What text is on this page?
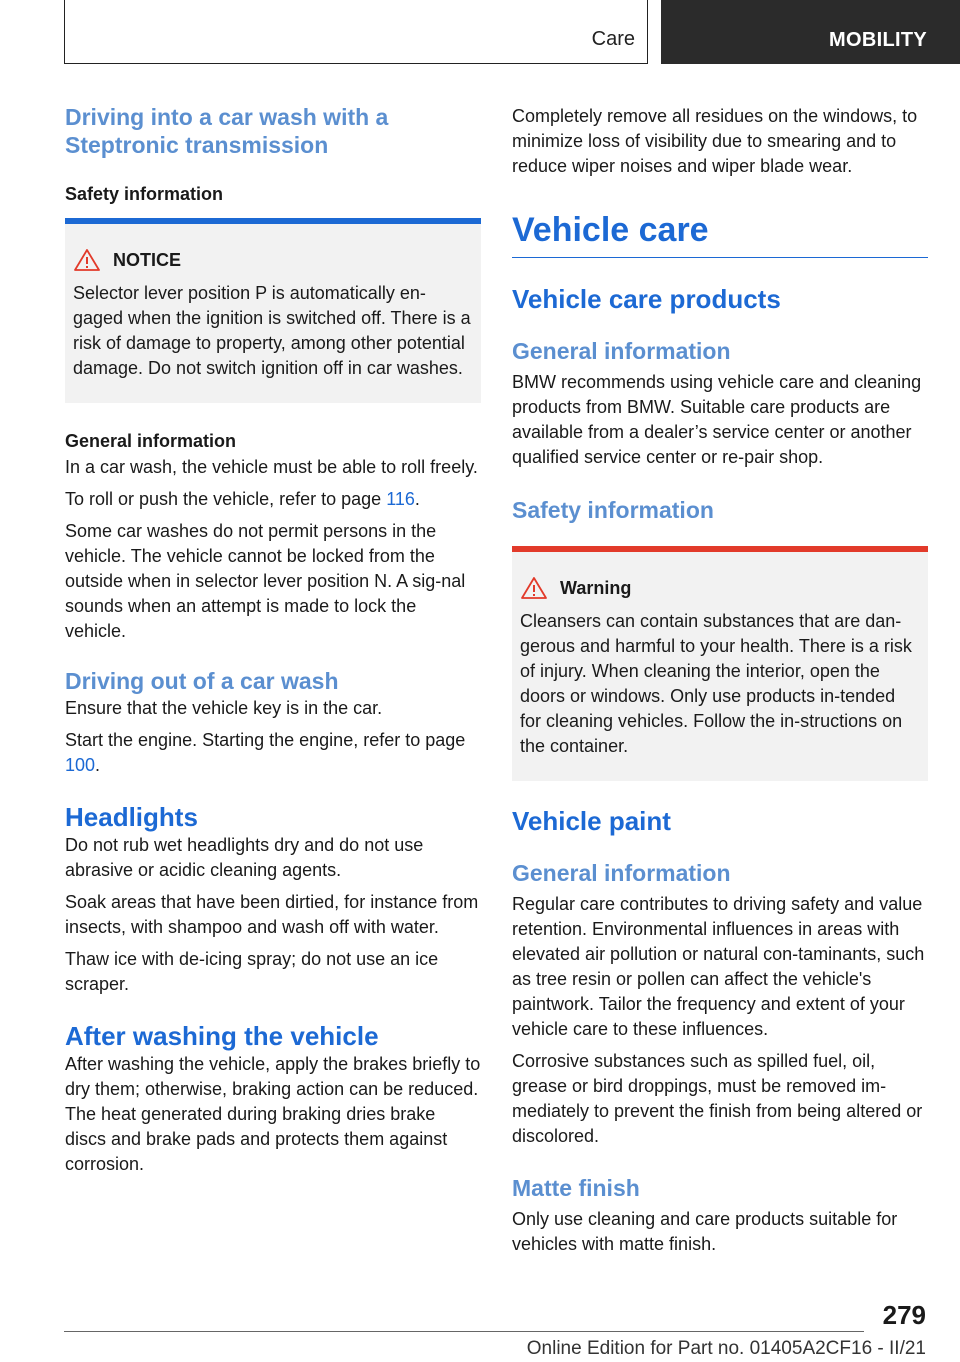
Care	MOBILITY
Driving into a car wash with a Steptronic transmission
Safety information
NOTICE

Selector lever position P is automatically en‐gaged when the ignition is switched off. There is a risk of damage to property, among other potential damage. Do not switch ignition off in car washes.

General information

In a car wash, the vehicle must be able to roll freely.

To roll or push the vehicle, refer to page 116.

Some car washes do not permit persons in the vehicle. The vehicle cannot be locked from the outside when in selector lever position N. A sig‐nal sounds when an attempt is made to lock the vehicle.

Driving out of a car wash

Ensure that the vehicle key is in the car.

Start the engine. Starting the engine, refer to page 100.

Headlights

Do not rub wet headlights dry and do not use abrasive or acidic cleaning agents.

Soak areas that have been dirtied, for instance from insects, with shampoo and wash off with water.

Thaw ice with de-icing spray; do not use an ice scraper.

After washing the vehicle

After washing the vehicle, apply the brakes briefly to dry them; otherwise, braking action can be reduced. The heat generated during braking dries brake discs and brake pads and protects them against corrosion.

Completely remove all residues on the windows, to minimize loss of visibility due to smearing and to reduce wiper noises and wiper blade wear.

Vehicle care
Vehicle care products
General information

BMW recommends using vehicle care and cleaning products from BMW. Suitable care products are available from a dealer’s service center or another qualified service center or re‐pair shop.

Safety information
Warning

Cleansers can contain substances that are dan‐gerous and harmful to your health. There is a risk of injury. When cleaning the interior, open the doors or windows. Only use products in‐tended for cleaning vehicles. Follow the in‐structions on the container.

Vehicle paint
General information

Regular care contributes to driving safety and value retention. Environmental influences in areas with elevated air pollution or natural con‐taminants, such as tree resin or pollen can affect the vehicle's paintwork. Tailor the frequency and extent of your vehicle care to these influences.

Corrosive substances such as spilled fuel, oil, grease or bird droppings, must be removed im‐mediately to prevent the finish from being altered or discolored.

Matte finish

Only use cleaning and care products suitable for vehicles with matte finish.

279
Online Edition for Part no. 01405A2CF16 - II/21
